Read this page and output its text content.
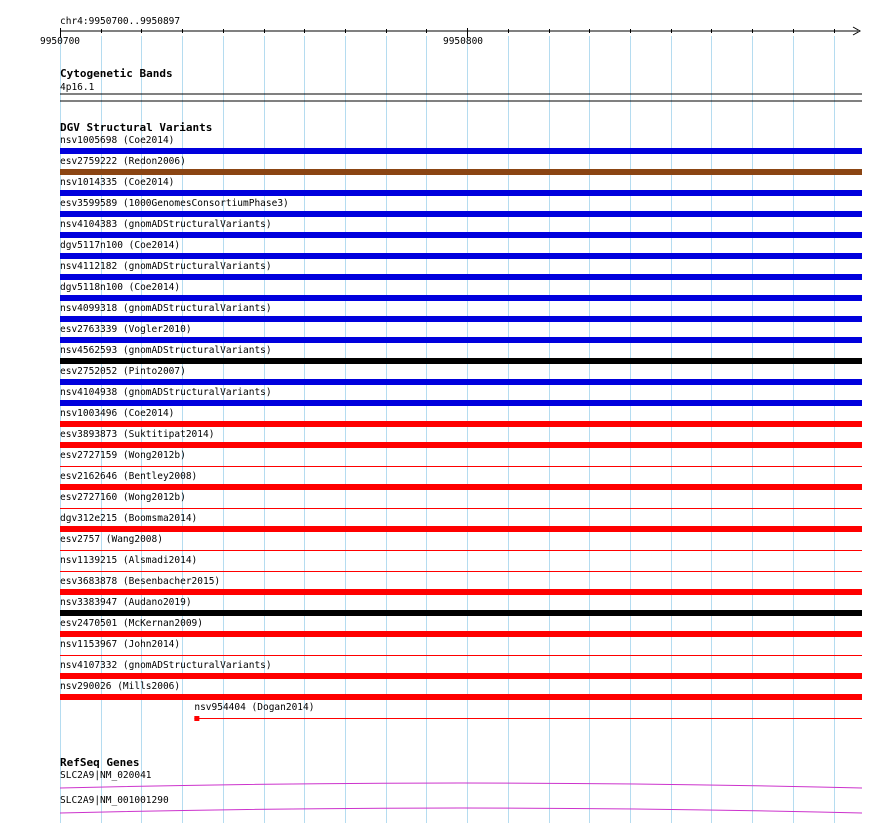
chr4:9950700..9950897
9950700	9950800
Cytogenetic Bands
4p16.1
DGV Structural Variants
nsv1005698 (Coe2014)
esv2759222 (Redon2006)
nsv1014335 (Coe2014)
esv3599589 (1000GenomesConsortiumPhase3)
nsv4104383 (gnomADStructuralVariants)
dgv5117n100 (Coe2014)
nsv4112182 (gnomADStructuralVariants)
dgv5118n100 (Coe2014)
nsv4099318 (gnomADStructuralVariants)
esv2763339 (Vogler2010)
nsv4562593 (gnomADStructuralVariants)
esv2752052 (Pinto2007)
nsv4104938 (gnomADStructuralVariants)
nsv1003496 (Coe2014)
esv3893873 (Suktitipat2014)
esv2727159 (Wong2012b)
esv2162646 (Bentley2008)
esv2727160 (Wong2012b)
dgv312e215 (Boomsma2014)
esv2757 (Wang2008)
nsv1139215 (Alsmadi2014)
esv3683878 (Besenbacher2015)
nsv3383947 (Audano2019)
esv2470501 (McKernan2009)
nsv1153967 (John2014)
nsv4107332 (gnomADStructuralVariants)
nsv290026 (Mills2006)
nsv954404 (Dogan2014)
RefSeq Genes
SLC2A9|NM_020041
SLC2A9|NM_001001290
